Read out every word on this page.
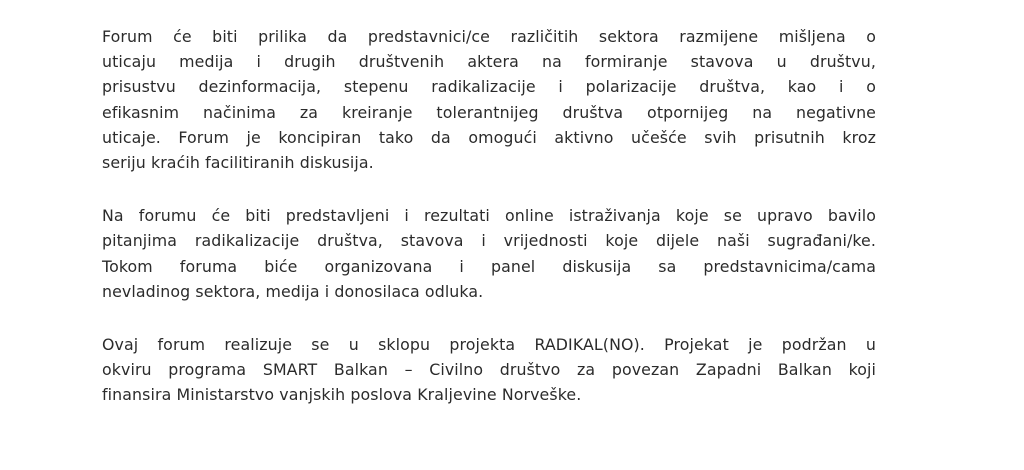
Forum će biti prilika da predstavnici/ce različitih sektora razmijene mišljena o
uticaju medija i drugih društvenih aktera na formiranje stavova u društvu,
prisustvu dezinformacija, stepenu radikalizacije i polarizacije društva, kao i o
efikasnim načinima za kreiranje tolerantnijeg društva otpornijeg na negativne
uticaje. Forum je koncipiran tako da omogući aktivno učešće svih prisutnih kroz
seriju kraćih facilitiranih diskusija.
Na forumu će biti predstavljeni i rezultati online istraživanja koje se upravo bavilo
pitanjima radikalizacije društva, stavova i vrijednosti koje dijele naši sugrađani/ke.
Tokom foruma biće organizovana i panel diskusija sa predstavnicima/cama
nevladinog sektora, medija i donosilaca odluka.
Ovaj forum realizuje se u sklopu projekta RADIKAL(NO). Projekat je podržan u
okviru programa SMART Balkan – Civilno društvo za povezan Zapadni Balkan koji
finansira Ministarstvo vanjskih poslova Kraljevine Norveške.
